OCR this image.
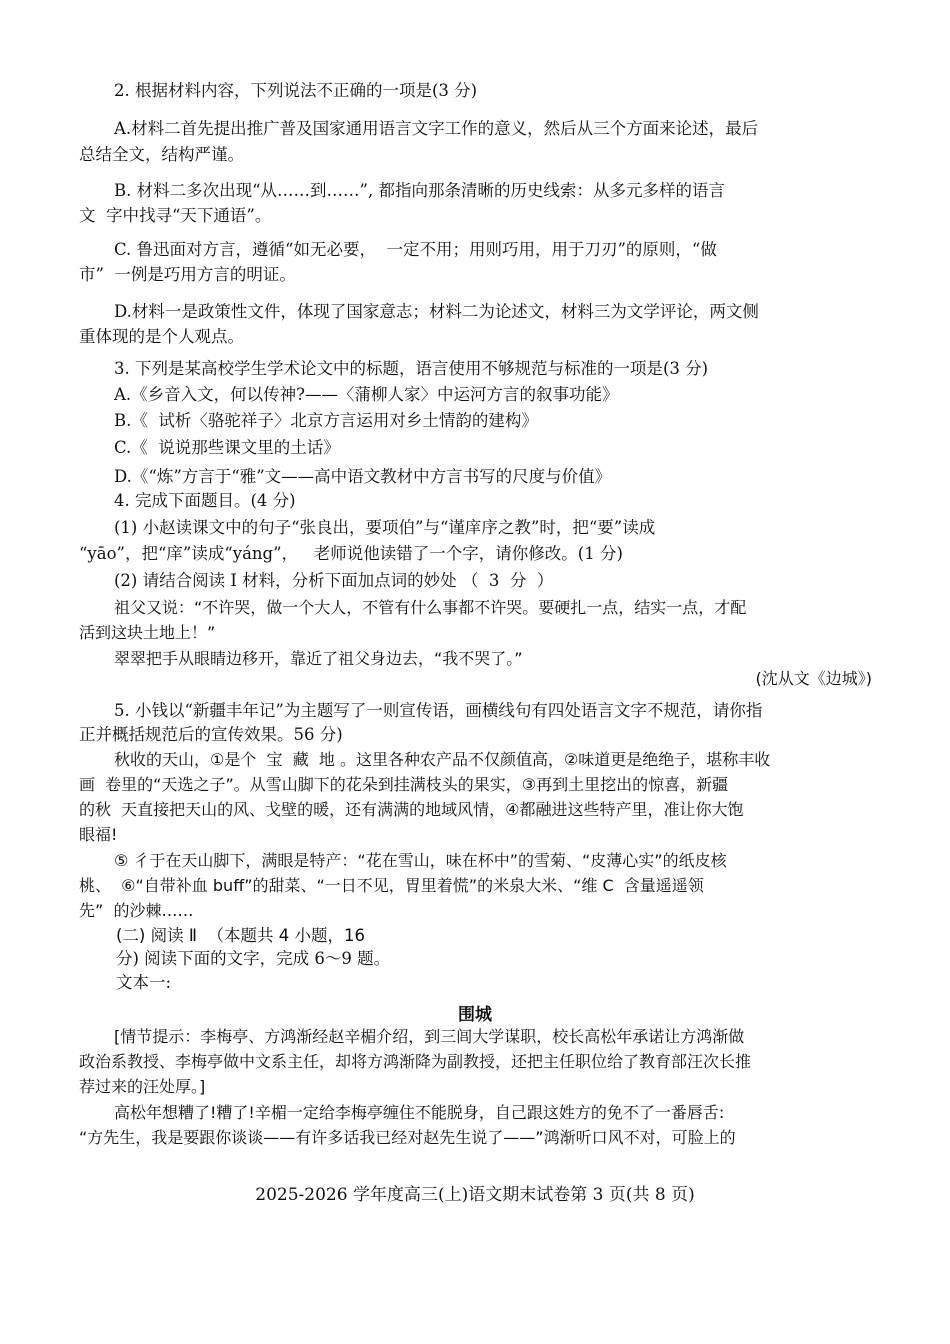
2. 根据材料内容，下列说法不正确的一项是(3 分)
A.材料二首先提出推广普及国家通用语言文字工作的意义，然后从三个方面来论述，最后
总结全文，结构严谨。
B. 材料二多次出现“从……到……”, 都指向那条清晰的历史线索：从多元多样的语言
文  字中找寻“天下通语”。
C. 鲁迅面对方言，遵循“如无必要，  一定不用；用则巧用，用于刀刃”的原则，“做
市”  一例是巧用方言的明证。
D.材料一是政策性文件，体现了国家意志；材料二为论述文，材料三为文学评论，两文侧
重体现的是个人观点。
3. 下列是某高校学生学术论文中的标题，语言使用不够规范与标准的一项是(3 分)
A.《乡音入文，何以传神?——〈蒲柳人家〉中运河方言的叙事功能》
B.《  试析〈骆驼祥子〉北京方言运用对乡土情韵的建构》
C.《  说说那些课文里的土话》
D.《“炼”方言于“雅”文——高中语文教材中方言书写的尺度与价值》
4. 完成下面题目。(4 分)
(1) 小赵读课文中的句子“张良出，要项伯”与“谨庠序之教”时，把“要”读成
“yāo”，把“庠”读成“yáng”，   老师说他读错了一个字，请你修改。(1 分)
(2) 请结合阅读 Ⅰ 材料，分析下面加点词的妙处 （  3  分  ）
祖父又说：“不许哭，做一个大人，不管有什么事都不许哭。要硬扎一点，结实一点，才配
活到这块土地上！”
翠翠把手从眼睛边移开，靠近了祖父身边去，“我不哭了。”
(沈从文《边城》)
5. 小钱以“新疆丰年记”为主题写了一则宣传语，画横线句有四处语言文字不规范，请你指
正并概括规范后的宣传效果。56 分)
秋收的天山，①是个  宝  藏  地 。这里各种农产品不仅颜值高，②味道更是绝绝子，堪称丰收
画  卷里的“天选之子”。从雪山脚下的花朵到挂满枝头的果实，③再到土里挖出的惊喜，新疆
的秋  天直接把天山的风、戈壁的暖，还有满满的地域风情，④都融进这些特产里，准让你大饱
眼福!
⑤ 彳于在天山脚下，满眼是特产：“花在雪山，味在杯中”的雪菊、“皮薄心实”的纸皮核
桃、  ⑥“自带补血 buff”的甜菜、“一日不见，胃里着慌”的米泉大米、“维 C  含量遥遥领
先”  的沙棘……
(二) 阅读 Ⅱ  （本题共 4 小题，16
分) 阅读下面的文字，完成 6～9 题。
文本一:
围城
[情节提示：李梅亭、方鸿渐经赵辛楣介绍，到三闾大学谋职，校长高松年承诺让方鸿渐做
政治系教授、李梅亭做中文系主任，却将方鸿渐降为副教授，还把主任职位给了教育部汪次长推
荐过来的汪处厚。]
高松年想糟了!糟了!辛楣一定给李梅亭缠住不能脱身，自己跟这姓方的免不了一番唇舌:
“方先生，我是要跟你谈谈——有许多话我已经对赵先生说了——”鸿渐听口风不对，可脸上的
2025-2026 学年度高三(上)语文期末试卷第 3 页(共 8 页)
